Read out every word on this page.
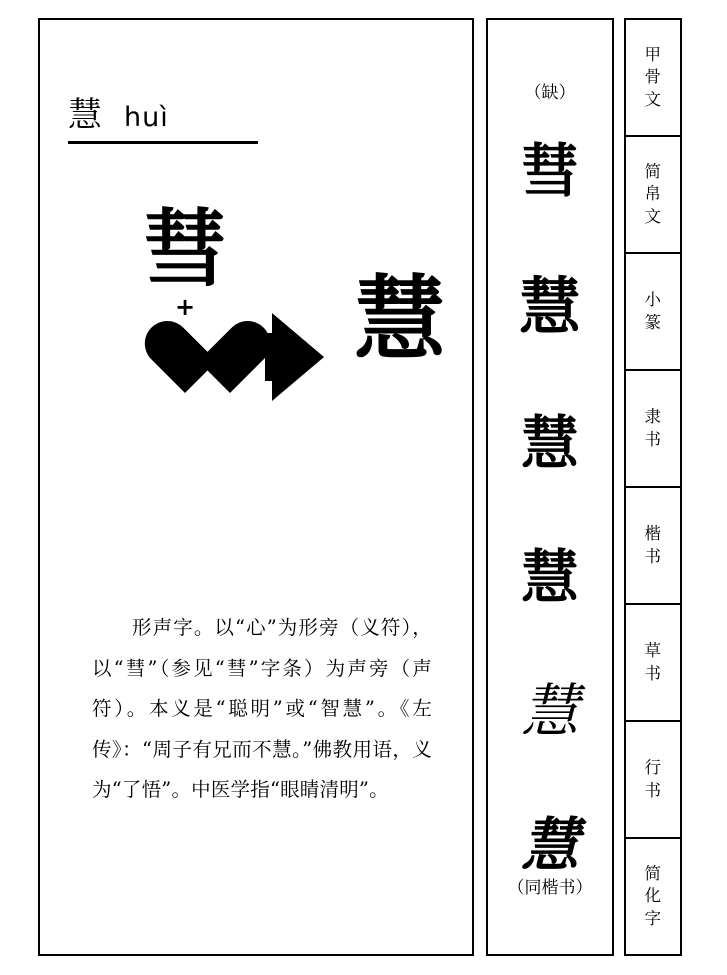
慧 huì
彗
+	慧
形声字。以“心”为形旁（义符），以“彗”（参见“彗”字条）为声旁（声符）。本义是“聪明”或“智慧”。《左传》：“周子有兄而不慧。”佛教用语，义为“了悟”。中医学指“眼睛清明”。
（缺）
彗
慧
慧
慧
慧
慧
（同楷书）
甲
骨
文
简
帛
文
小
篆
隶
书
楷
书
草
书
行
书
简
化
字
